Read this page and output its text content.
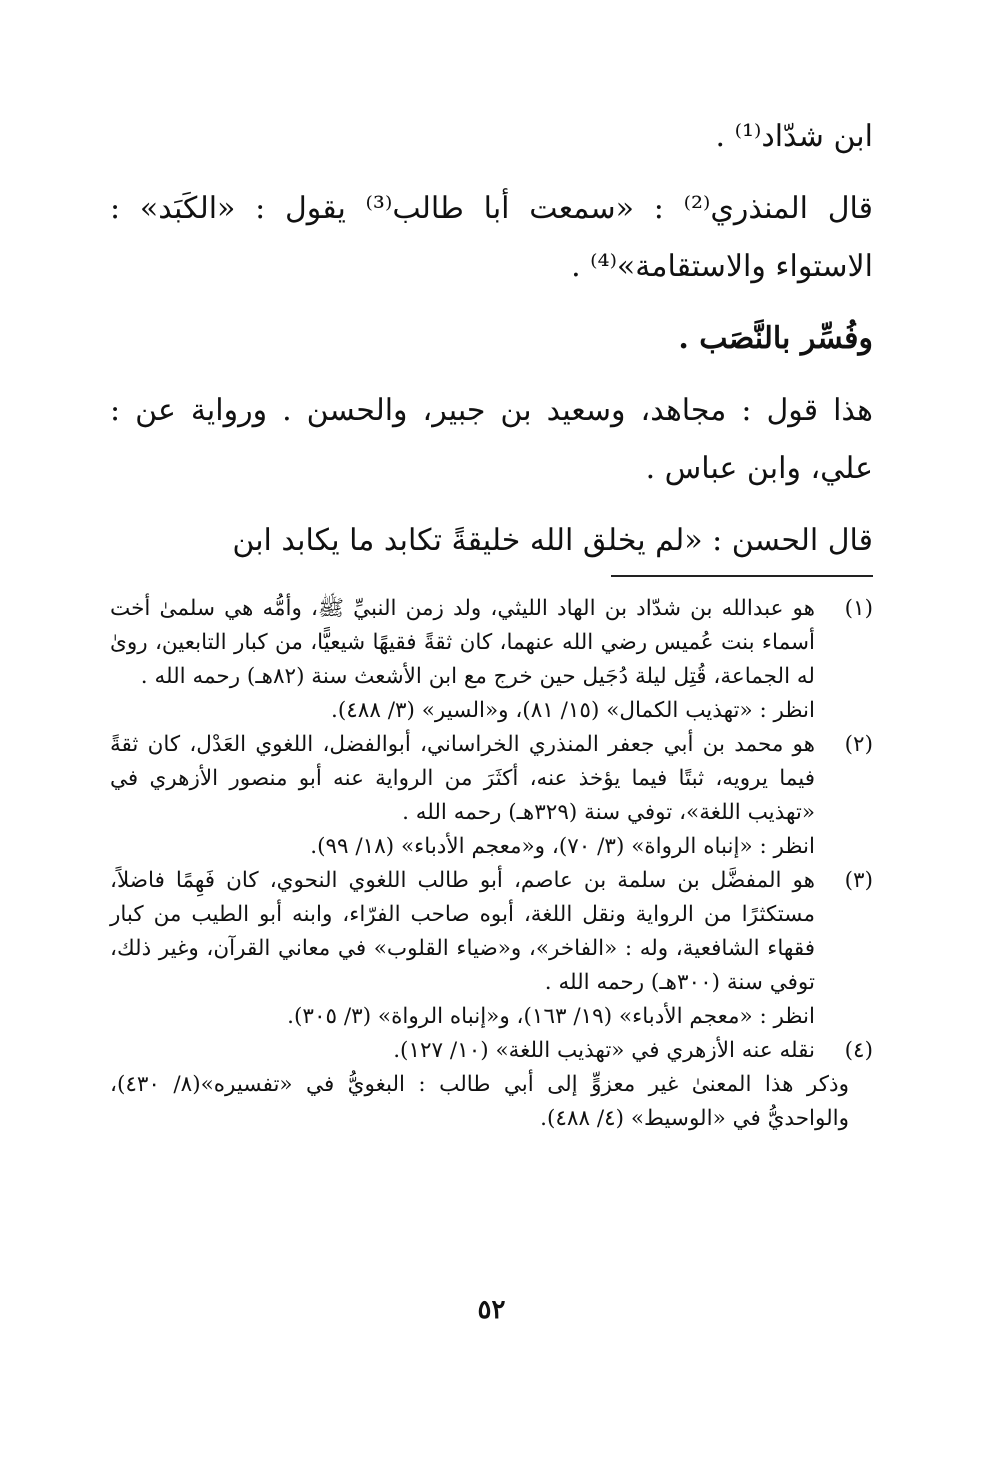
ابن شدّاد⁽¹⁾ .

قال المنذري⁽²⁾ : «سمعت أبا طالب⁽³⁾ يقول : «الكَبَد» : الاستواء والاستقامة»⁽⁴⁾ .

وفُسِّر بالنَّصَب .

هذا قول : مجاهد، وسعيد بن جبير، والحسن . ورواية عن : علي، وابن عباس .

قال الحسن : «لم يخلق الله خليقةً تكابد ما يكابد ابن

(١)

هو عبدالله بن شدّاد بن الهاد الليثي، ولد زمن النبيِّ ﷺ، وأمُّه هي سلمىٰ أخت أسماء بنت عُميس رضي الله عنهما، كان ثقةً فقيهًا شيعيًّا، من كبار التابعين، روىٰ له الجماعة، قُتِل ليلة دُجَيل حين خرج مع ابن الأشعث سنة (٨٢هـ) رحمه الله .

انظر : «تهذيب الكمال» (١٥/ ٨١)، و«السير» (٣/ ٤٨٨).

(٢)

هو محمد بن أبي جعفر المنذري الخراساني، أبوالفضل، اللغوي العَدْل، كان ثقةً فيما يرويه، ثبتًا فيما يؤخذ عنه، أكثَرَ من الرواية عنه أبو منصور الأزهري في «تهذيب اللغة»، توفي سنة (٣٢٩هـ) رحمه الله .

انظر : «إنباه الرواة» (٣/ ٧٠)، و«معجم الأدباء» (١٨/ ٩٩).

(٣)

هو المفضَّل بن سلمة بن عاصم، أبو طالب اللغوي النحوي، كان فَهِمًا فاضلاً، مستكثرًا من الرواية ونقل اللغة، أبوه صاحب الفرّاء، وابنه أبو الطيب من كبار فقهاء الشافعية، وله : «الفاخر»، و«ضياء القلوب» في معاني القرآن، وغير ذلك، توفي سنة (٣٠٠هـ) رحمه الله .

انظر : «معجم الأدباء» (١٩/ ١٦٣)، و«إنباه الرواة» (٣/ ٣٠٥).

(٤)

نقله عنه الأزهري في «تهذيب اللغة» (١٠/ ١٢٧).

وذكر هذا المعنىٰ غير معزوٍّ إلى أبي طالب : البغويُّ في «تفسيره»(٨/ ٤٣٠)، والواحديُّ في «الوسيط» (٤/ ٤٨٨).

٥٢
